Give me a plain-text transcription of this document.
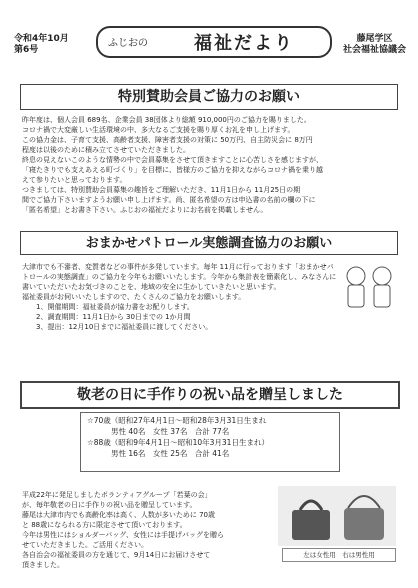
令和4年10月
第6号
ふじおの	福祉だより	藤尾学区
社会福祉協議会
特別賛助会員ご協力のお願い
昨年度は、個人会員 689名、企業会員 38団体より総額 910,000円のご協力を賜りました。
コロナ禍で大変厳しい生活環境の中、多大なるご支援を賜り厚くお礼を申し上げます。
この協力金は、子育て支援、高齢者支援、障害者支援の対策に 50万円、自主防災会に 8万円
程度は以後のために積み立てさせていただきました。
終息の見えないこのような情勢の中で会員募集をさせて頂きますことに心苦しさを感じますが、
「寝たきりでも支えあえる町づくり」を目標に、皆様方のご協力を抑えながらコロナ禍を乗り越
えて参りたいと思っております。
つきましては、特別賛助会員募集の趣旨をご理解いただき、11月1日から 11月25日の期
間でご協力下さいますようお願い申し上げます。尚、匿名希望の方は申込書の名前の欄の下に
「匿名希望」とお書き下さい。ふじおの福祉だよりにお名前を掲載しません。
おまかせパトロール実態調査協力のお願い
大津市でも不審者、変質者などの事件が多発しています。毎年 11月に行っております「おまかせパ
トロールの実態調査」のご協力を今年もお願いいたします。今年から集計表を簡素化し、みなさんに
書いていただいたお気づきのことを、地域の安全に生かしていきたいと思います。
福祉委員がお伺いいたしますので、たくさんのご協力をお願いします。
1、開催期間：福祉委員が協力書をお配りします。
2、調査期間：11月1日から 30日までの 1か月間
3、提出：12月10日までに福祉委員に渡してください。
敬老の日に手作りの祝い品を贈呈しました
☆70歳（昭和27年4月1日～昭和28年3月31日生まれ
男性 40名　女性 37名　合計 77名
☆88歳（昭和9年4月1日～昭和10年3月31日生まれ）
男性 16名　女性 25名　合計 41名
平成22年に発足しましたボランティアグループ「若葉の会」
が、毎年敬老の日に手作りの祝い品を贈呈しています。
藤尾は大津市内でも高齢化率は高く、人数が多いために 70歳
と 88歳になられる方に限定させて頂いております。
今年は男性にはショルダーバッグ、女性には手提げバッグを贈ら
せていただきました。ご活用ください。
各自治会の福祉委員の方を通じて、9月14日にお届けさせて
頂きました。
左は女性用　右は男性用
